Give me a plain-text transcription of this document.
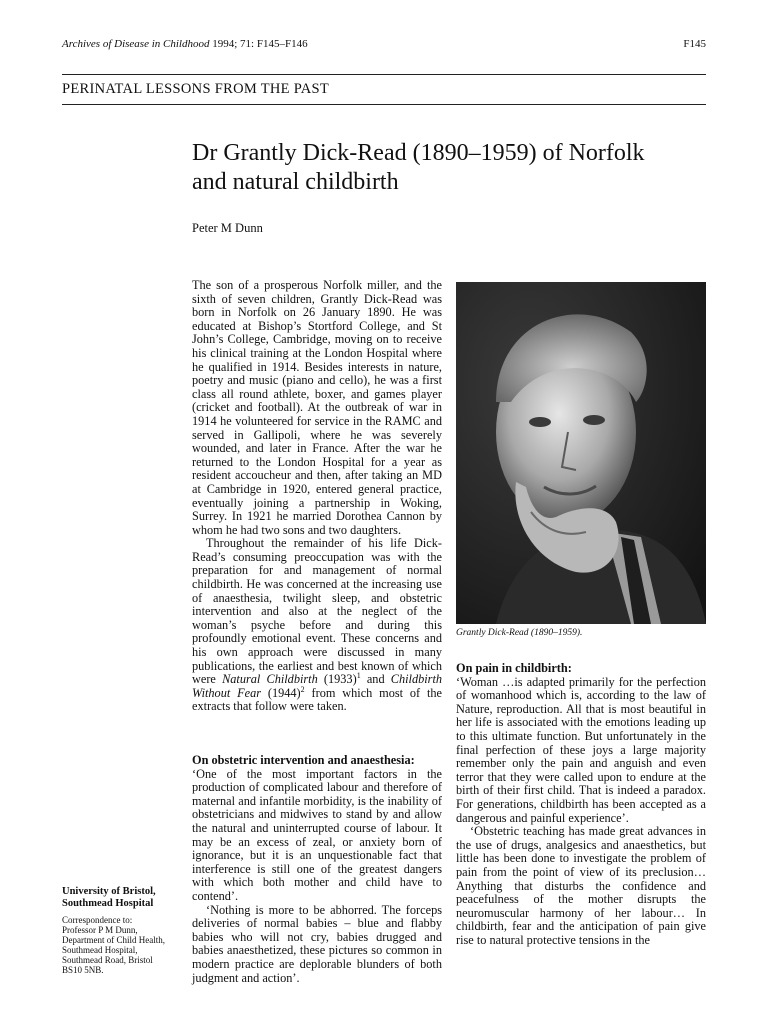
Archives of Disease in Childhood 1994; 71: F145–F146	F145
PERINATAL LESSONS FROM THE PAST
Dr Grantly Dick-Read (1890–1959) of Norfolk
and natural childbirth
Peter M Dunn

The son of a prosperous Norfolk miller, and the sixth of seven children, Grantly Dick-Read was born in Norfolk on 26 January 1890. He was educated at Bishop’s Stortford College, and St John’s College, Cambridge, moving on to receive his clinical training at the London Hospital where he qualified in 1914. Besides interests in nature, poetry and music (piano and cello), he was a first class all round athlete, boxer, and games player (cricket and football). At the outbreak of war in 1914 he volunteered for service in the RAMC and served in Gallipoli, where he was severely wounded, and later in France. After the war he returned to the London Hospital for a year as resident accoucheur and then, after taking an MD at Cambridge in 1920, entered general practice, eventually joining a partnership in Woking, Surrey. In 1921 he married Dorothea Cannon by whom he had two sons and two daughters.

Throughout the remainder of his life Dick-Read’s consuming preoccupation was with the preparation for and management of normal childbirth. He was concerned at the increasing use of anaesthesia, twilight sleep, and obstetric intervention and also at the neglect of the woman’s psyche before and during this profoundly emotional event. These concerns and his own approach were discussed in many publications, the earliest and best known of which were Natural Childbirth $(1933)^1$ and Childbirth Without Fear $(1944)^2$ from which most of the extracts that follow were taken.

On obstetric intervention and anaesthesia:

‘One of the most important factors in the production of complicated labour and therefore of maternal and infantile morbidity, is the inability of obstetricians and midwives to stand by and allow the natural and uninterrupted course of labour. It may be an excess of zeal, or anxiety born of ignorance, but it is an unquestionable fact that interference is still one of the greatest dangers with which both mother and child have to contend’.

‘Nothing is more to be abhorred. The forceps deliveries of normal babies – blue and flabby babies who will not cry, babies drugged and babies anaesthetized, these pictures so common in modern practice are deplorable blunders of both judgment and action’.

Grantly Dick-Read (1890–1959).
On pain in childbirth:

‘Woman …is adapted primarily for the perfection of womanhood which is, according to the law of Nature, reproduction. All that is most beautiful in her life is associated with the emotions leading up to this ultimate function. But unfortunately in the final perfection of these joys a large majority remember only the pain and anguish and even terror that they were called upon to endure at the birth of their first child. That is indeed a paradox. For generations, childbirth has been accepted as a dangerous and painful experience’.

‘Obstetric teaching has made great advances in the use of drugs, analgesics and anaesthetics, but little has been done to investigate the problem of pain from the point of view of its preclusion… Anything that disturbs the confidence and peacefulness of the mother disrupts the neuromuscular harmony of her labour… In childbirth, fear and the anticipation of pain give rise to natural protective tensions in the

University of Bristol,
Southmead Hospital
Correspondence to:
Professor P M Dunn,
Department of Child Health,
Southmead Hospital,
Southmead Road, Bristol
BS10 5NB.
